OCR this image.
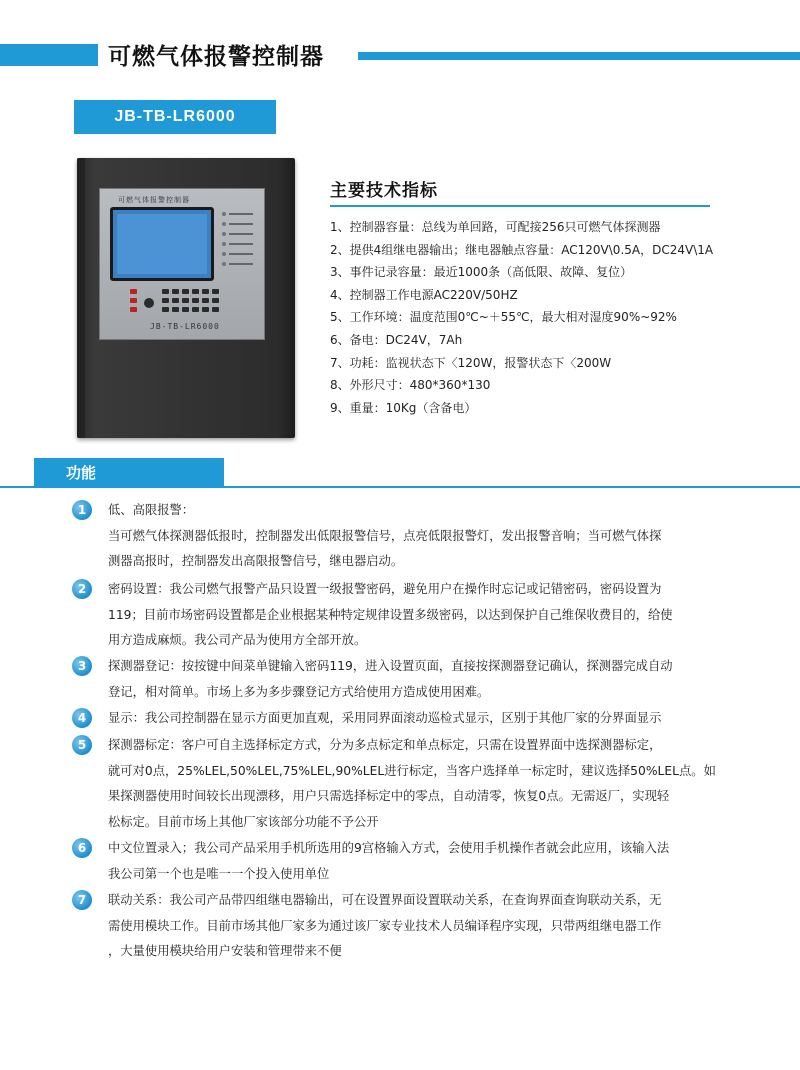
可燃气体报警控制器
JB-TB-LR6000
可燃气体报警控制器
JB-TB-LR6000
主要技术指标
1、控制器容量：总线为单回路，可配接256只可燃气体探测器
2、提供4组继电器输出；继电器触点容量：AC120V\0.5A，DC24V\1A
3、事件记录容量：最近1000条（高低限、故障、复位）
4、控制器工作电源AC220V/50HZ
5、工作环境：温度范围0℃~＋55℃，最大相对湿度90%~92%
6、备电：DC24V，7Ah
7、功耗：监视状态下〈120W，报警状态下〈200W
8、外形尺寸：480*360*130
9、重量：10Kg（含备电）
功能
1	低、高限报警：

当可燃气体探测器低报时，控制器发出低限报警信号，点亮低限报警灯，发出报警音响；当可燃气体探

测器高报时，控制器发出高限报警信号，继电器启动。

2	密码设置：我公司燃气报警产品只设置一级报警密码，避免用户在操作时忘记或记错密码，密码设置为

119；目前市场密码设置都是企业根据某种特定规律设置多级密码，以达到保护自己维保收费目的，给使

用方造成麻烦。我公司产品为使用方全部开放。

3	探测器登记：按按键中间菜单键输入密码119，进入设置页面，直接按探测器登记确认，探测器完成自动

登记，相对简单。市场上多为多步骤登记方式给使用方造成使用困难。

4	显示：我公司控制器在显示方面更加直观，采用同界面滚动巡检式显示，区别于其他厂家的分界面显示

5	探测器标定：客户可自主选择标定方式，分为多点标定和单点标定，只需在设置界面中选探测器标定，

就可对0点，25%LEL,50%LEL,75%LEL,90%LEL进行标定，当客户选择单一标定时，建议选择50%LEL点。如

果探测器使用时间较长出现漂移，用户只需选择标定中的零点，自动清零，恢复0点。无需返厂，实现轻

松标定。目前市场上其他厂家该部分功能不予公开

6	中文位置录入；我公司产品采用手机所选用的9宫格输入方式，会使用手机操作者就会此应用，该输入法

我公司第一个也是唯一一个投入使用单位

7	联动关系：我公司产品带四组继电器输出，可在设置界面设置联动关系，在查询界面查询联动关系，无

需使用模块工作。目前市场其他厂家多为通过该厂家专业技术人员编译程序实现，只带两组继电器工作

，大量使用模块给用户安装和管理带来不便
